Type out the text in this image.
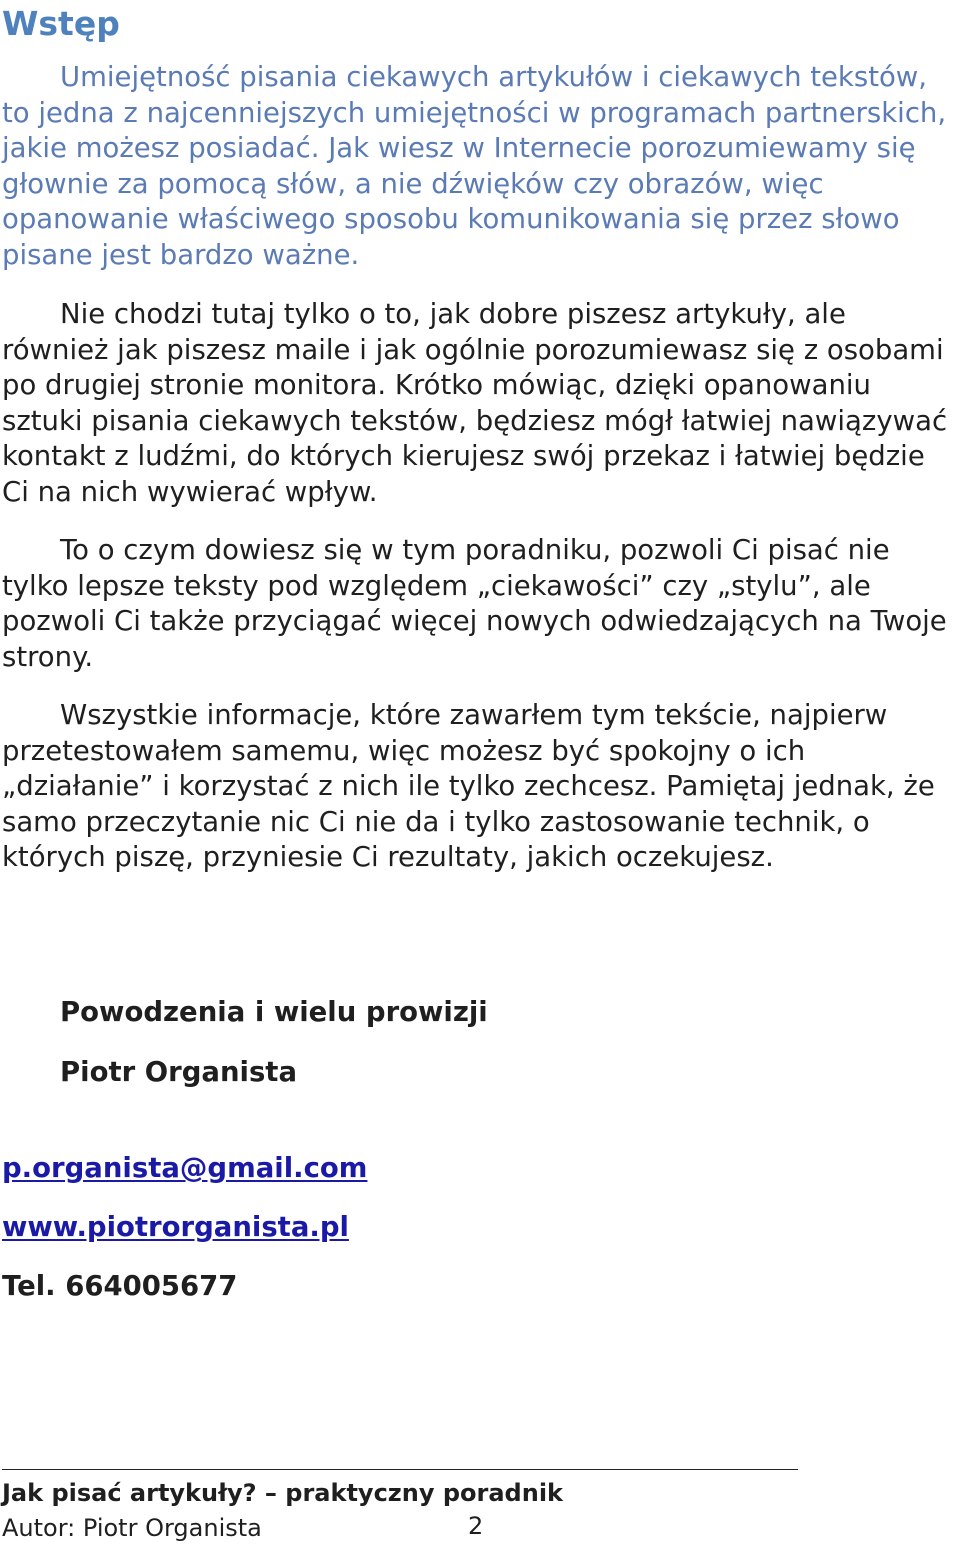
Wstęp

Umiejętność pisania ciekawych artykułów i ciekawych tekstów, to jedna z najcenniejszych umiejętności w programach partnerskich, jakie możesz posiadać. Jak wiesz w Internecie porozumiewamy się głownie za pomocą słów, a nie dźwięków czy obrazów, więc opanowanie właściwego sposobu komunikowania się przez słowo pisane jest bardzo ważne.

Nie chodzi tutaj tylko o to, jak dobre piszesz artykuły, ale również jak piszesz maile i jak ogólnie porozumiewasz się z osobami po drugiej stronie monitora. Krótko mówiąc, dzięki opanowaniu sztuki pisania ciekawych tekstów, będziesz mógł łatwiej nawiązywać kontakt z ludźmi, do których kierujesz swój przekaz i łatwiej będzie Ci na nich wywierać wpływ.

To o czym dowiesz się w tym poradniku, pozwoli Ci pisać nie tylko lepsze teksty pod względem „ciekawości” czy „stylu”, ale pozwoli Ci także przyciągać więcej nowych odwiedzających na Twoje strony.

Wszystkie informacje, które zawarłem tym tekście, najpierw przetestowałem samemu, więc możesz być spokojny o ich „działanie” i korzystać z nich ile tylko zechcesz. Pamiętaj jednak, że samo przeczytanie nic Ci nie da i tylko zastosowanie technik, o których piszę, przyniesie Ci rezultaty, jakich oczekujesz.

Powodzenia i wielu prowizji

Piotr Organista

p.organista@gmail.com
www.piotrorganista.pl

Tel. 664005677

Jak pisać artykuły? – praktyczny poradnik

Autor: Piotr Organista	2
